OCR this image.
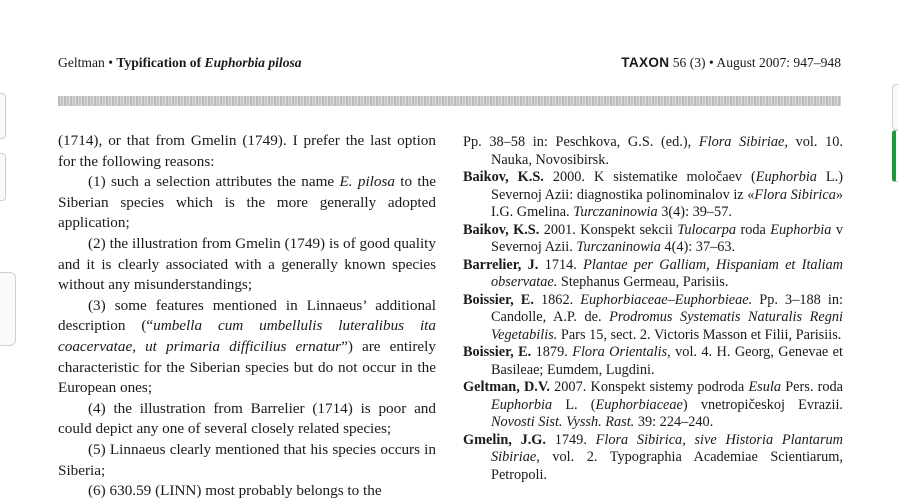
Geltman • Typification of Euphorbia pilosa	TAXON 56 (3) • August 2007: 947–948

(1714), or that from Gmelin (1749). I prefer the last option for the following reasons:

(1) such a selection attributes the name E. pilosa to the Siberian species which is the more generally adopted application;

(2) the illustration from Gmelin (1749) is of good quality and it is clearly associated with a generally known species without any misunderstandings;

(3) some features mentioned in Linnaeus’ additional description (“umbella cum umbellulis luteralibus ita coacervatae, ut primaria difficilius ernatur”) are entirely characteristic for the Siberian species but do not occur in the European ones;

(4) the illustration from Barrelier (1714) is poor and could depict any one of several closely related species;

(5) Linnaeus clearly mentioned that his species occurs in Siberia;

(6) 630.59 (LINN) most probably belongs to the

Pp. 38–58 in: Peschkova, G.S. (ed.), Flora Sibiriae, vol. 10. Nauka, Novosibirsk.

Baikov, K.S. 2000. K sistematike moločaev (Euphorbia L.) Severnoj Azii: diagnostika polinominalov iz «Flora Sibirica» I.G. Gmelina. Turczaninowia 3(4): 39–57.

Baikov, K.S. 2001. Konspekt sekcii Tulocarpa roda Euphorbia v Severnoj Azii. Turczaninowia 4(4): 37–63.

Barrelier, J. 1714. Plantae per Galliam, Hispaniam et Italiam observatae. Stephanus Germeau, Parisiis.

Boissier, E. 1862. Euphorbiaceae–Euphorbieae. Pp. 3–188 in: Candolle, A.P. de. Prodromus Systematis Naturalis Regni Vegetabilis. Pars 15, sect. 2. Victoris Masson et Filii, Parisiis.

Boissier, E. 1879. Flora Orientalis, vol. 4. H. Georg, Genevae et Basileae; Eumdem, Lugdini.

Geltman, D.V. 2007. Konspekt sistemy podroda Esula Pers. roda Euphorbia L. (Euphorbiaceae) vnetropičeskoj Evrazii. Novosti Sist. Vyssh. Rast. 39: 224–240.

Gmelin, J.G. 1749. Flora Sibirica, sive Historia Plantarum Sibiriae, vol. 2. Typographia Academiae Scientiarum, Petropoli.
